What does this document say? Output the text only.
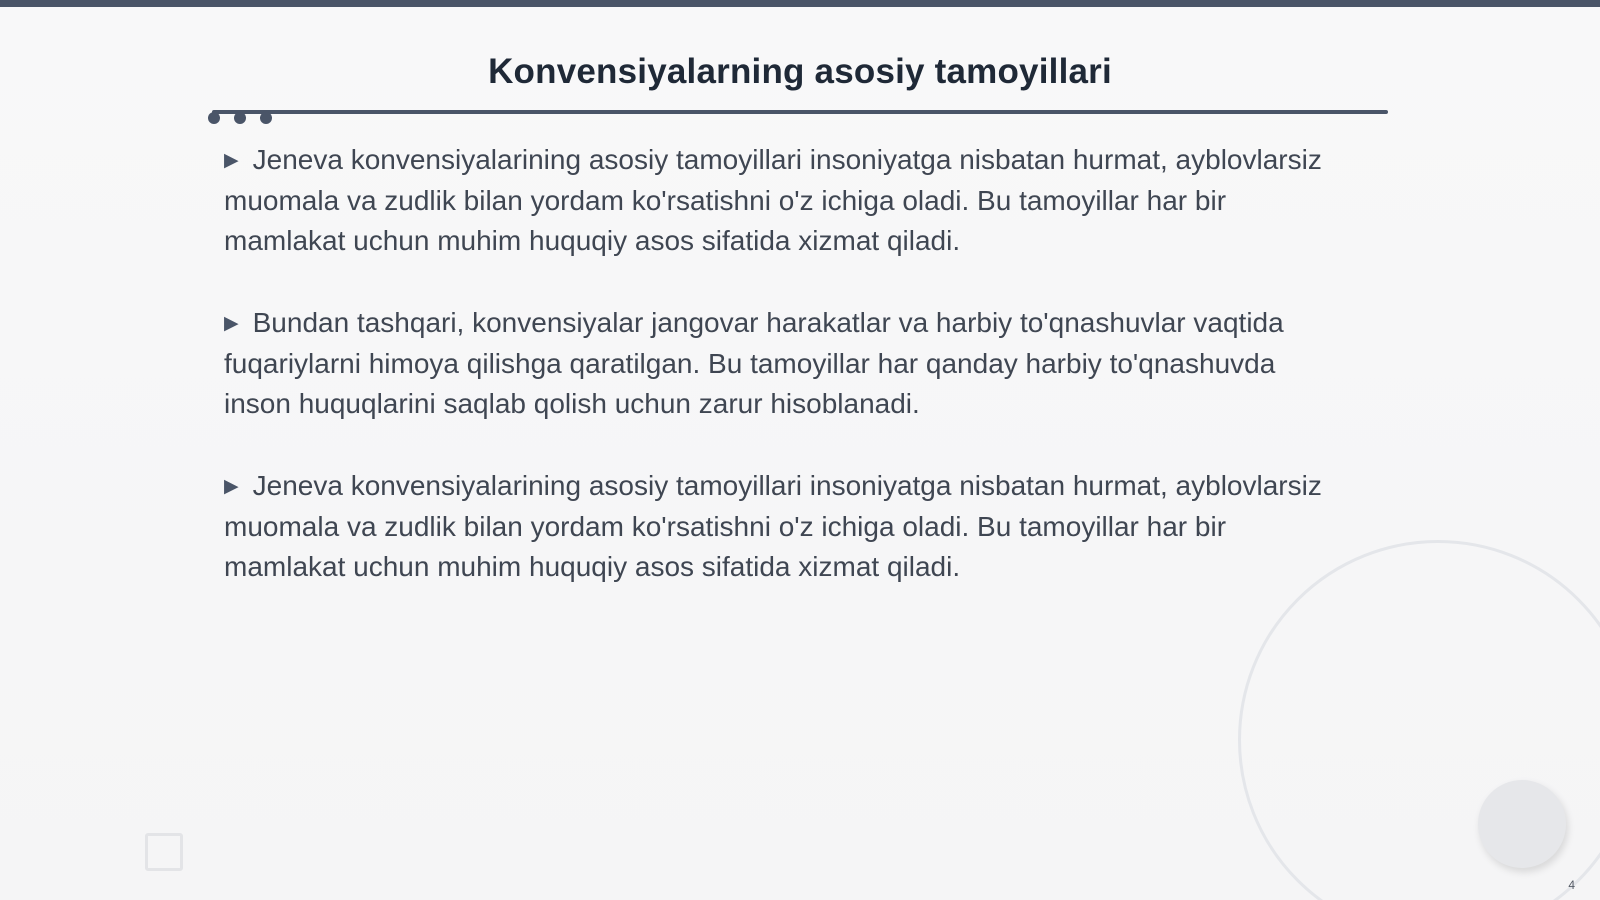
Konvensiyalarning asosiy tamoyillari

▶ Jeneva konvensiyalarining asosiy tamoyillari insoniyatga nisbatan hurmat, ayblovlarsiz muomala va zudlik bilan yordam ko'rsatishni o'z ichiga oladi. Bu tamoyillar har bir mamlakat uchun muhim huquqiy asos sifatida xizmat qiladi.

▶ Bundan tashqari, konvensiyalar jangovar harakatlar va harbiy to'qnashuvlar vaqtida fuqariylarni himoya qilishga qaratilgan. Bu tamoyillar har qanday harbiy to'qnashuvda inson huquqlarini saqlab qolish uchun zarur hisoblanadi.

▶ Jeneva konvensiyalarining asosiy tamoyillari insoniyatga nisbatan hurmat, ayblovlarsiz muomala va zudlik bilan yordam ko'rsatishni o'z ichiga oladi. Bu tamoyillar har bir mamlakat uchun muhim huquqiy asos sifatida xizmat qiladi.

4
